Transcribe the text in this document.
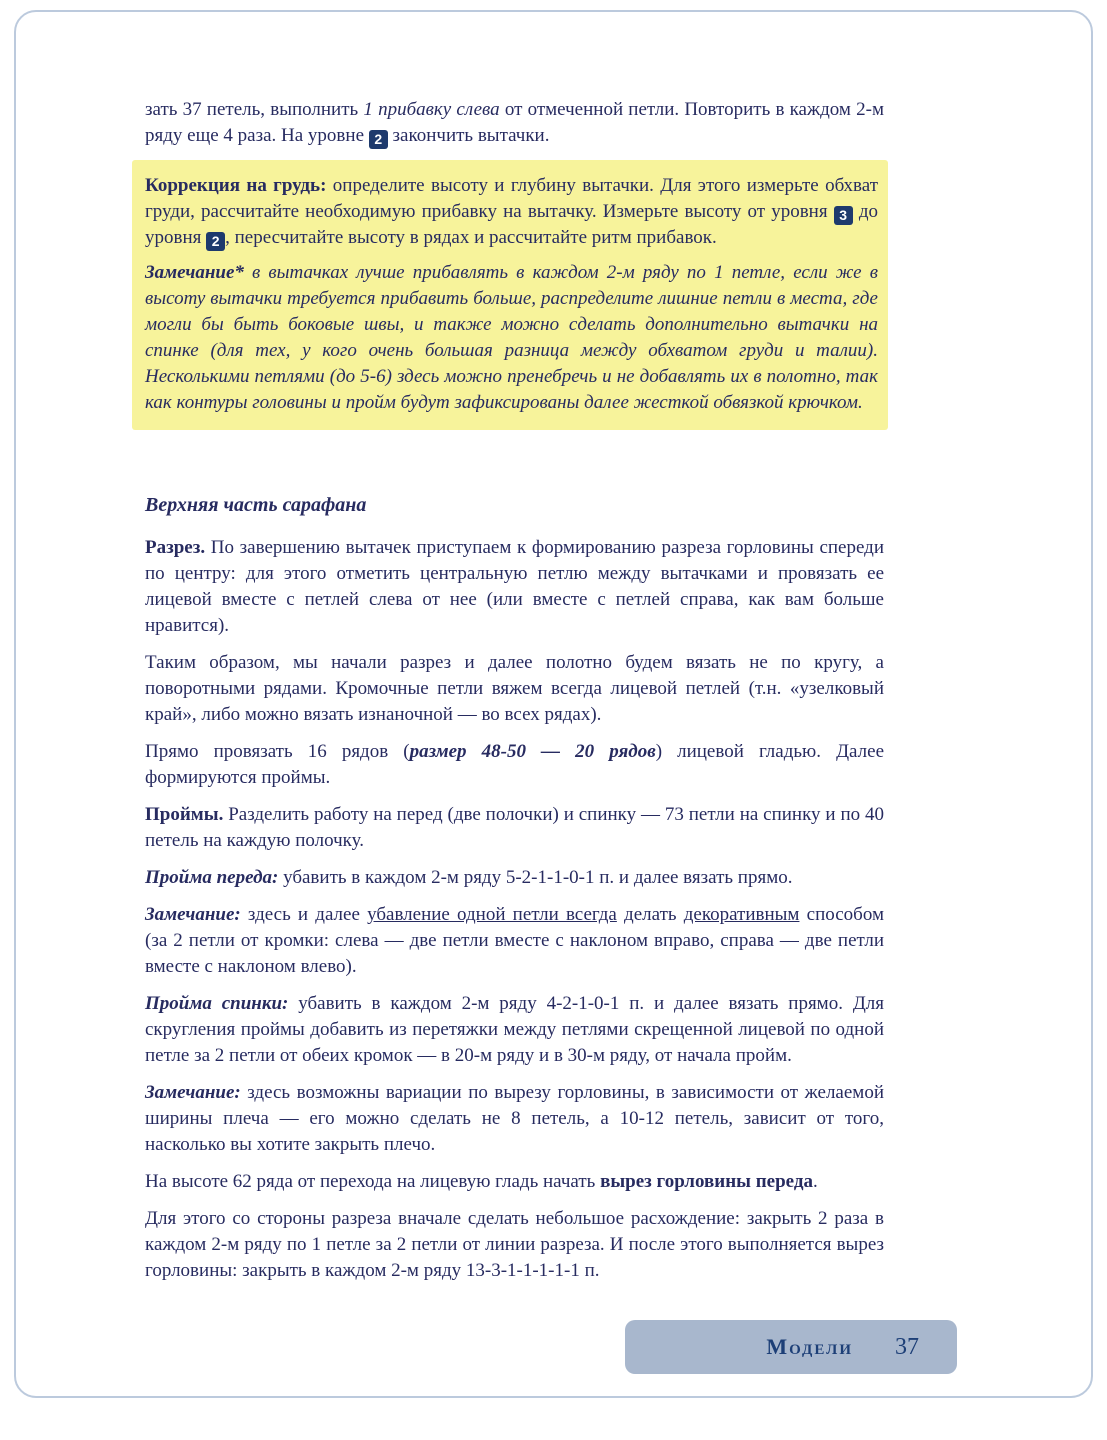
зать 37 петель, выполнить 1 прибавку слева от отмеченной петли. Повторить в каждом 2-м ряду еще 4 раза. На уровне 2 закончить вытачки.

Коррекция на грудь: определите высоту и глубину вытачки. Для этого измерьте обхват груди, рассчитайте необходимую прибавку на вытачку. Измерьте высоту от уровня 3 до уровня 2 , пересчитайте высоту в рядах и рассчитайте ритм прибавок.

Замечание* в вытачках лучше прибавлять в каждом 2-м ряду по 1 петле, если же в высоту вытачки требуется прибавить больше, распределите лишние петли в места, где могли бы быть боковые швы, и также можно сделать дополнительно вытачки на спинке (для тех, у кого очень большая разница между обхватом груди и талии). Несколькими петлями (до 5-6) здесь можно пренебречь и не добавлять их в полотно, так как контуры головины и пройм будут зафиксированы далее жесткой обвязкой крючком.

Верхняя часть сарафана

Разрез. По завершению вытачек приступаем к формированию разреза горловины спереди по центру: для этого отметить центральную петлю между вытачками и провязать ее лицевой вместе с петлей слева от нее (или вместе с петлей справа, как вам больше нравится).

Таким образом, мы начали разрез и далее полотно будем вязать не по кругу, а поворотными рядами. Кромочные петли вяжем всегда лицевой петлей (т.н. «узелковый край», либо можно вязать изнаночной — во всех рядах).

Прямо провязать 16 рядов (размер 48-50 — 20 рядов) лицевой гладью. Далее формируются проймы.

Проймы. Разделить работу на перед (две полочки) и спинку — 73 петли на спинку и по 40 петель на каждую полочку.

Пройма переда: убавить в каждом 2-м ряду 5-2-1-1-0-1 п. и далее вязать прямо.

Замечание: здесь и далее убавление одной петли всегда делать декоративным способом (за 2 петли от кромки: слева — две петли вместе с наклоном вправо, справа — две петли вместе с наклоном влево).

Пройма спинки: убавить в каждом 2-м ряду 4-2-1-0-1 п. и далее вязать прямо. Для скругления проймы добавить из перетяжки между петлями скрещенной лицевой по одной петле за 2 петли от обеих кромок — в 20-м ряду и в 30-м ряду, от начала пройм.

Замечание: здесь возможны вариации по вырезу горловины, в зависимости от желаемой ширины плеча — его можно сделать не 8 петель, а 10-12 петель, зависит от того, насколько вы хотите закрыть плечо.

На высоте 62 ряда от перехода на лицевую гладь начать вырез горловины переда.

Для этого со стороны разреза вначале сделать небольшое расхождение: закрыть 2 раза в каждом 2-м ряду по 1 петле за 2 петли от линии разреза. И после этого выполняется вырез горловины: закрыть в каждом 2-м ряду 13-3-1-1-1-1-1 п.

Модели 37
